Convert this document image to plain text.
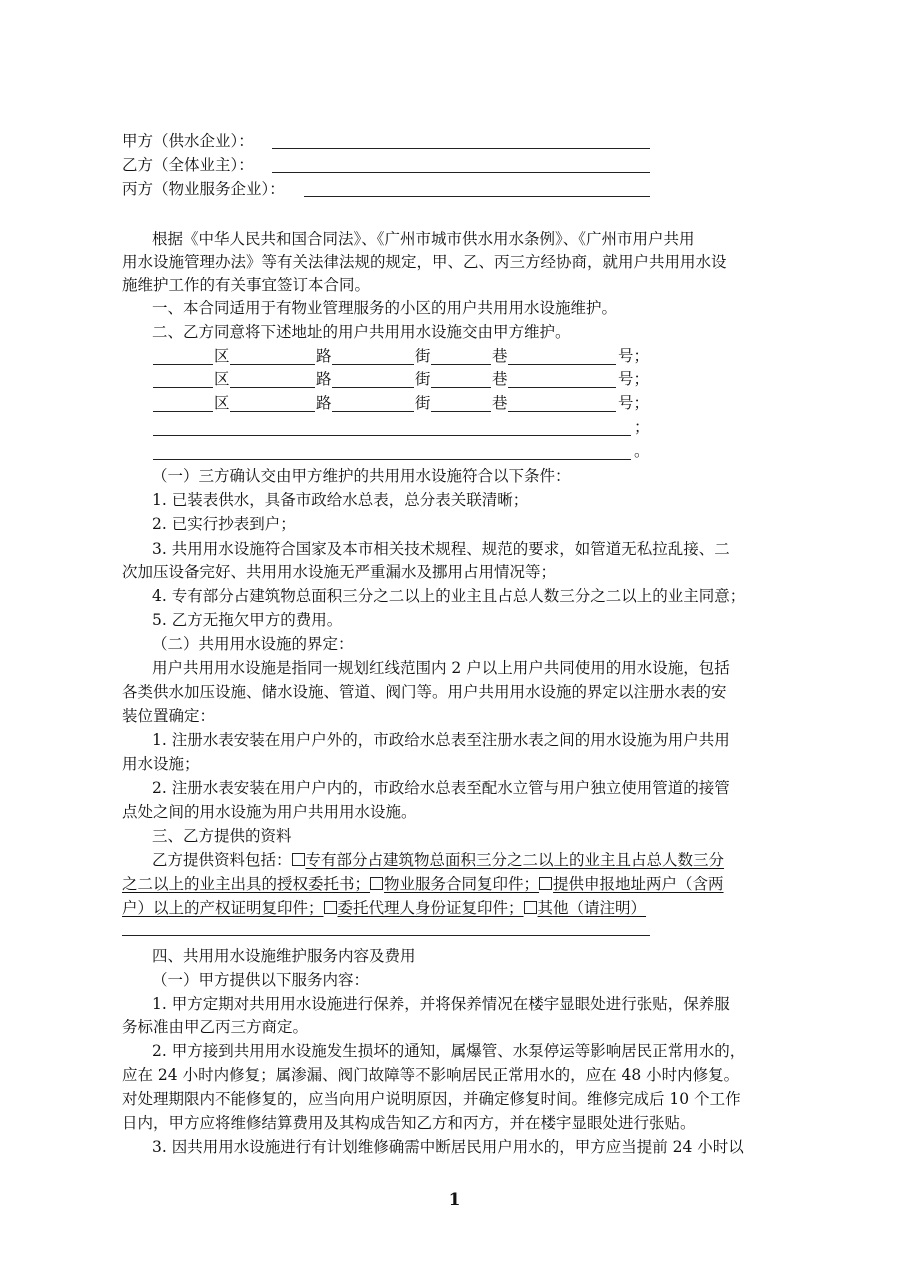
甲方（供水企业）：
乙方（全体业主）：
丙方（物业服务企业）：
根据《中华人民共和国合同法》、《广州市城市供水用水条例》、《广州市用户共用
用水设施管理办法》等有关法律法规的规定，甲、乙、丙三方经协商，就用户共用用水设
施维护工作的有关事宜签订本合同。
一、本合同适用于有物业管理服务的小区的用户共用用水设施维护。
二、乙方同意将下述地址的用户共用用水设施交由甲方维护。
区	路	街	巷	号；
区	路	街	巷	号；
区	路	街	巷	号；
；
。
（一）三方确认交由甲方维护的共用用水设施符合以下条件：
1. 已装表供水，具备市政给水总表，总分表关联清晰；
2. 已实行抄表到户；
3. 共用用水设施符合国家及本市相关技术规程、规范的要求，如管道无私拉乱接、二
次加压设备完好、共用用水设施无严重漏水及挪用占用情况等；
4. 专有部分占建筑物总面积三分之二以上的业主且占总人数三分之二以上的业主同意；
5. 乙方无拖欠甲方的费用。
（二）共用用水设施的界定：
用户共用用水设施是指同一规划红线范围内 2 户以上用户共同使用的用水设施，包括
各类供水加压设施、储水设施、管道、阀门等。用户共用用水设施的界定以注册水表的安
装位置确定：
1. 注册水表安装在用户户外的，市政给水总表至注册水表之间的用水设施为用户共用
用水设施；
2. 注册水表安装在用户户内的，市政给水总表至配水立管与用户独立使用管道的接管
点处之间的用水设施为用户共用用水设施。
三、乙方提供的资料
乙方提供资料包括： 专有部分占建筑物总面积三分之二以上的业主且占总人数三分
之二以上的业主出具的授权委托书； 物业服务合同复印件； 提供申报地址两户（含两
户）以上的产权证明复印件； 委托代理人身份证复印件； 其他（请注明）
四、共用用水设施维护服务内容及费用
（一）甲方提供以下服务内容：
1. 甲方定期对共用用水设施进行保养，并将保养情况在楼宇显眼处进行张贴，保养服
务标准由甲乙丙三方商定。
2. 甲方接到共用用水设施发生损坏的通知，属爆管、水泵停运等影响居民正常用水的，
应在 24 小时内修复；属渗漏、阀门故障等不影响居民正常用水的，应在 48 小时内修复。
对处理期限内不能修复的，应当向用户说明原因，并确定修复时间。维修完成后 10 个工作
日内，甲方应将维修结算费用及其构成告知乙方和丙方，并在楼宇显眼处进行张贴。
3. 因共用用水设施进行有计划维修确需中断居民用户用水的，甲方应当提前 24 小时以
1
